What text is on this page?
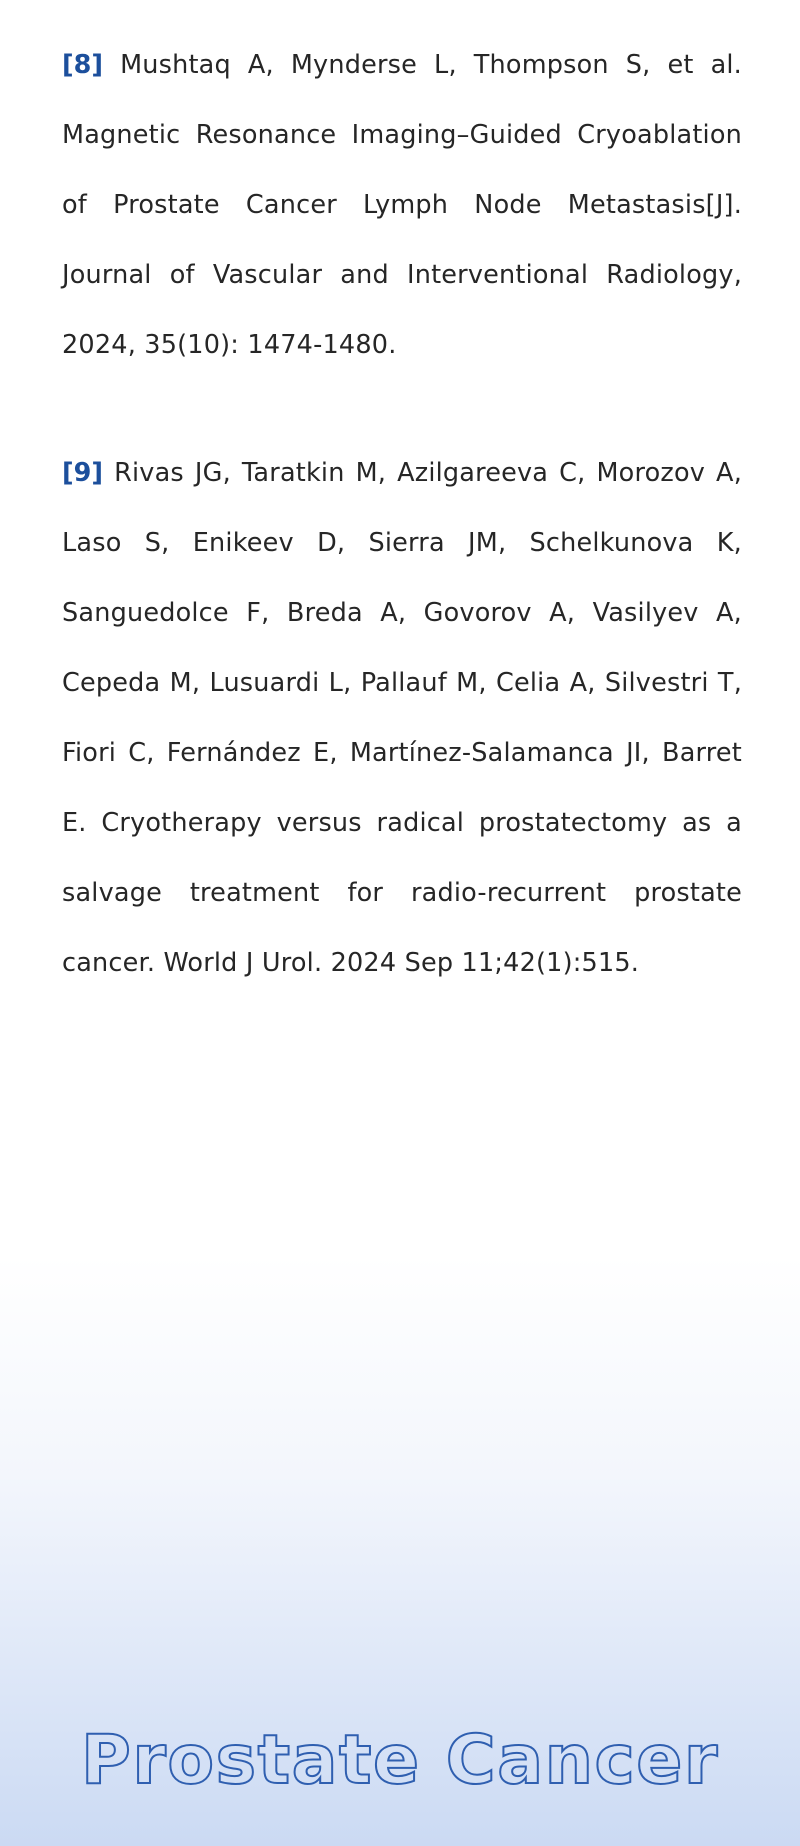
[8] Mushtaq A, Mynderse L, Thompson S, et al. Magnetic Resonance Imaging–Guided Cryoablation of Prostate Cancer Lymph Node Metastasis[J]. Journal of Vascular and Interventional Radiology, 2024, 35(10): 1474-1480.
[9] Rivas JG, Taratkin M, Azilgareeva C, Morozov A, Laso S, Enikeev D, Sierra JM, Schelkunova K, Sanguedolce F, Breda A, Govorov A, Vasilyev A, Cepeda M, Lusuardi L, Pallauf M, Celia A, Silvestri T, Fiori C, Fernández E, Martínez-Salamanca JI, Barret E. Cryotherapy versus radical prostatectomy as a salvage treatment for radio-recurrent prostate cancer. World J Urol. 2024 Sep 11;42(1):515.
Prostate Cancer
